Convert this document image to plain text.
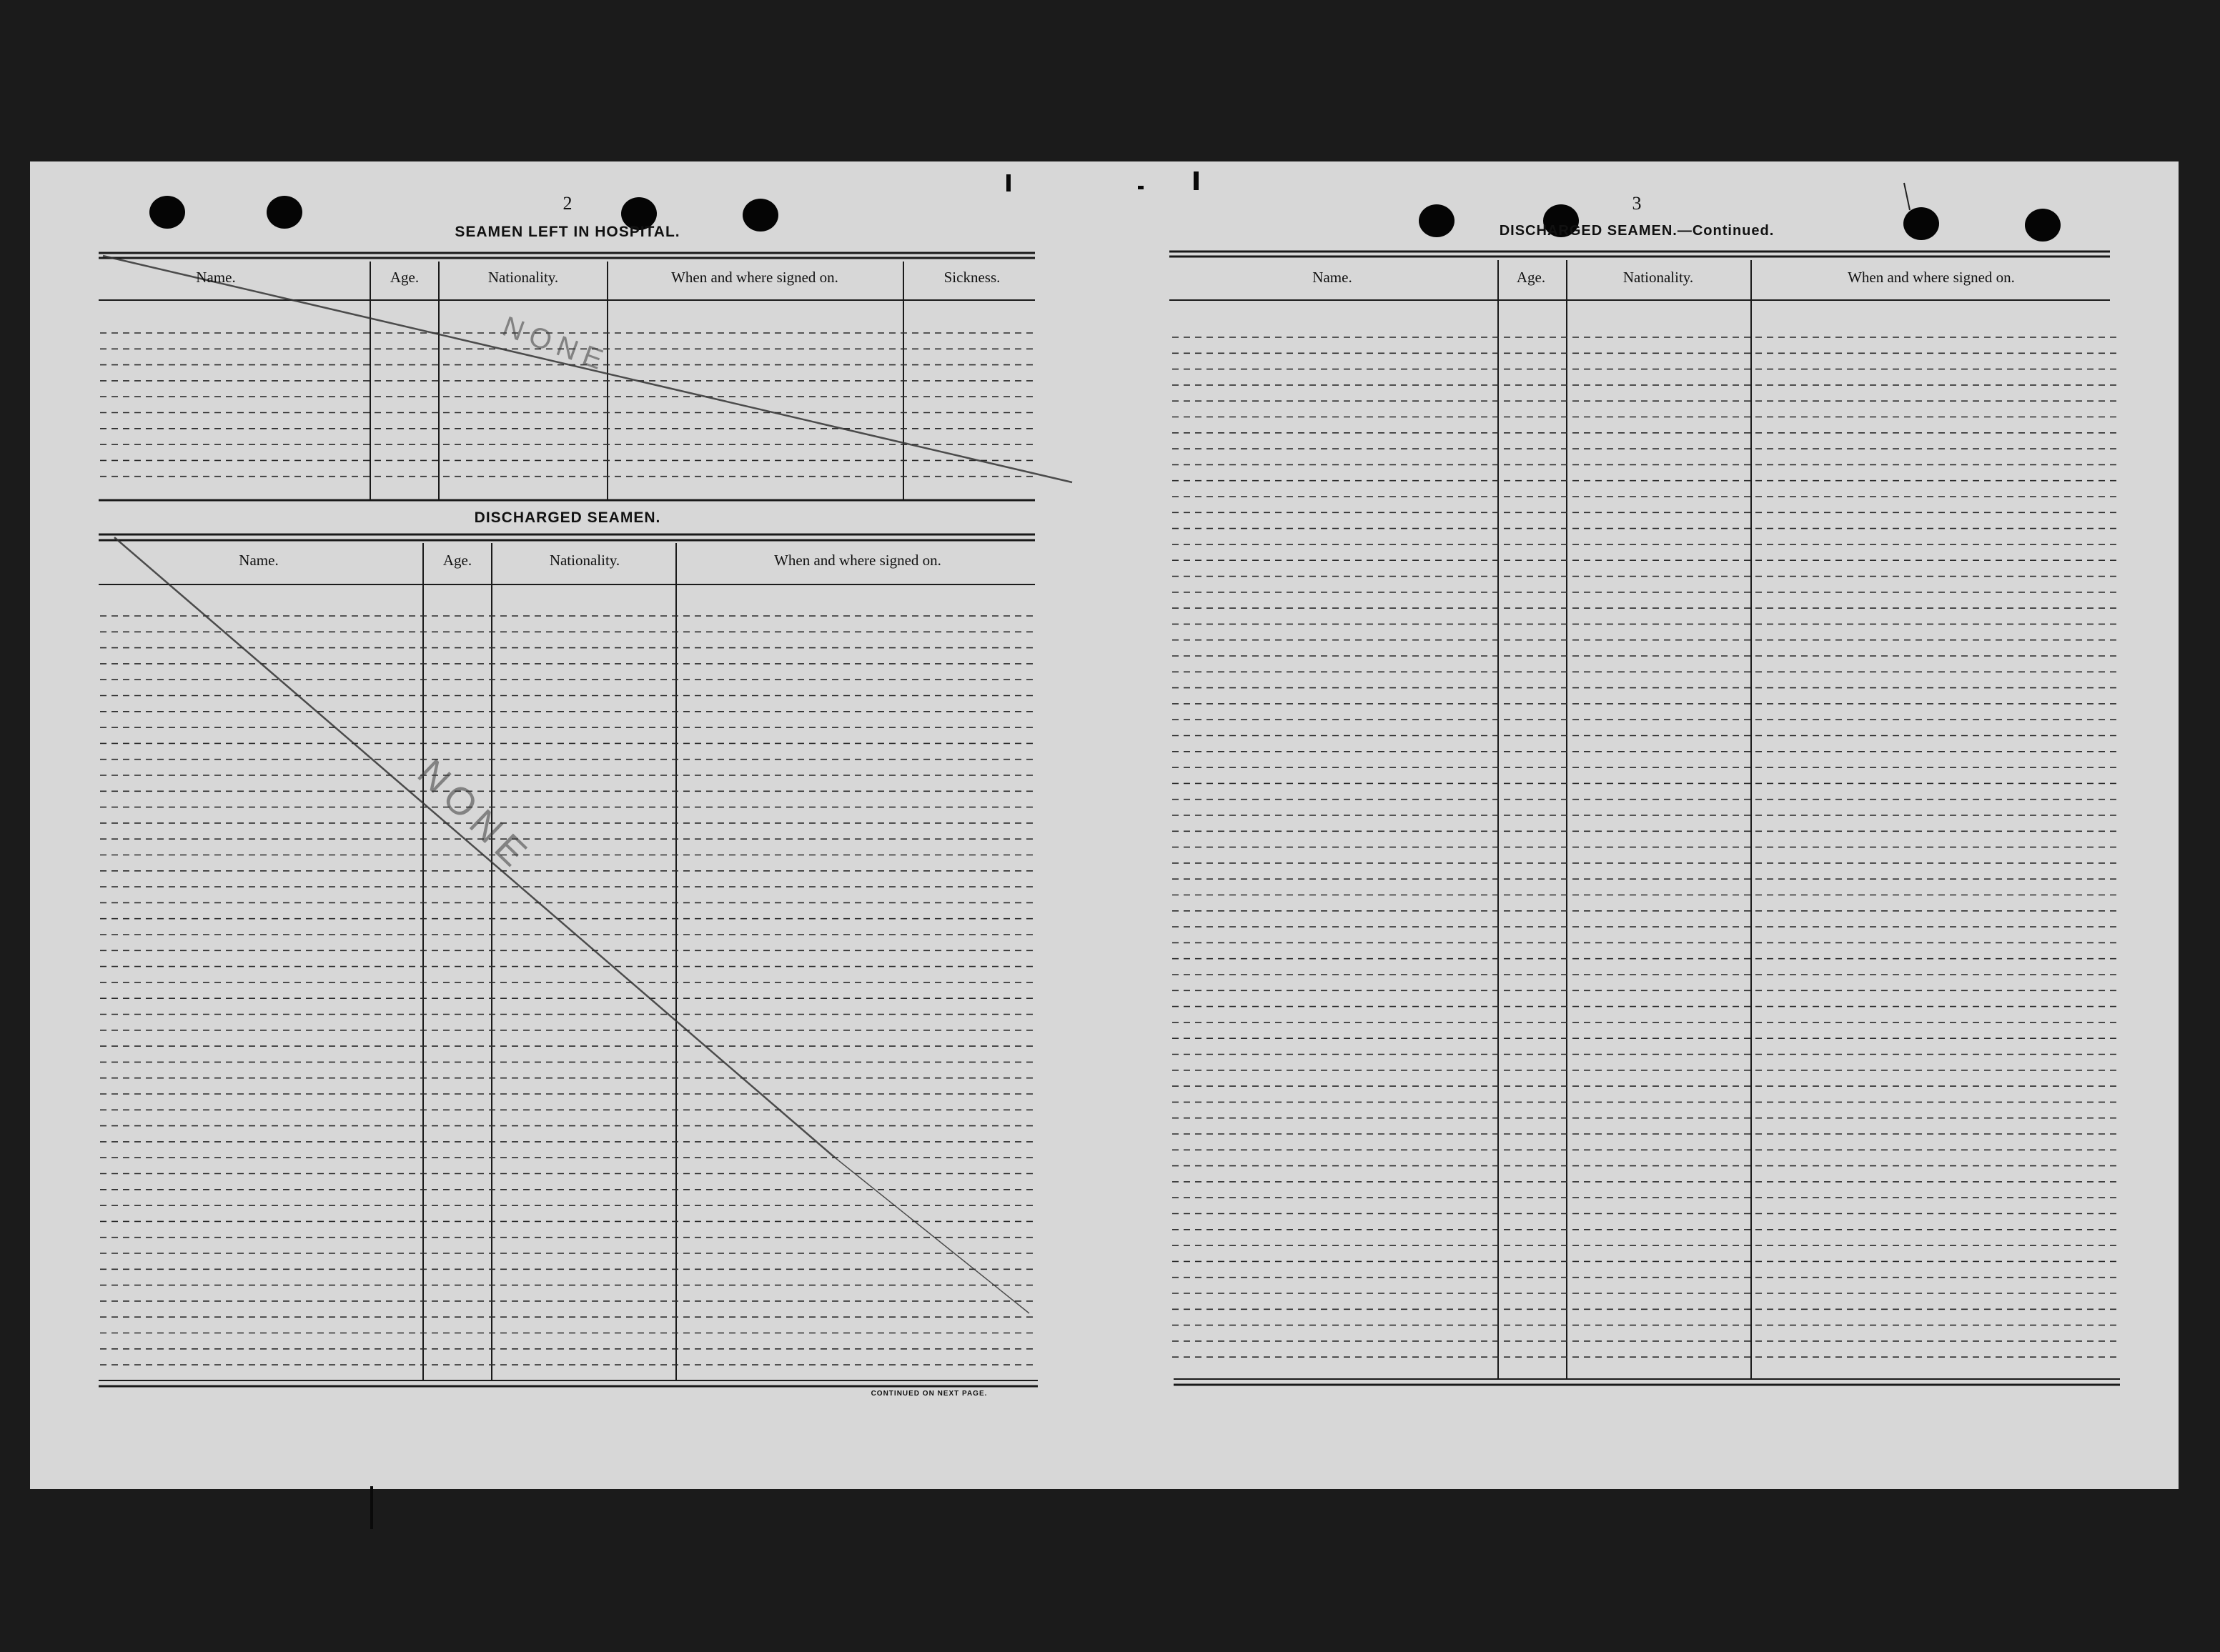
2
SEAMEN LEFT IN HOSPITAL.
Name.	Age.	Nationality.	When and where signed on.	Sickness.
DISCHARGED SEAMEN.
Name.	Age.	Nationality.	When and where signed on.
CONTINUED ON NEXT PAGE.
NONE
NONE
3
DISCHARGED SEAMEN.—Continued.
Name.	Age.	Nationality.	When and where signed on.
